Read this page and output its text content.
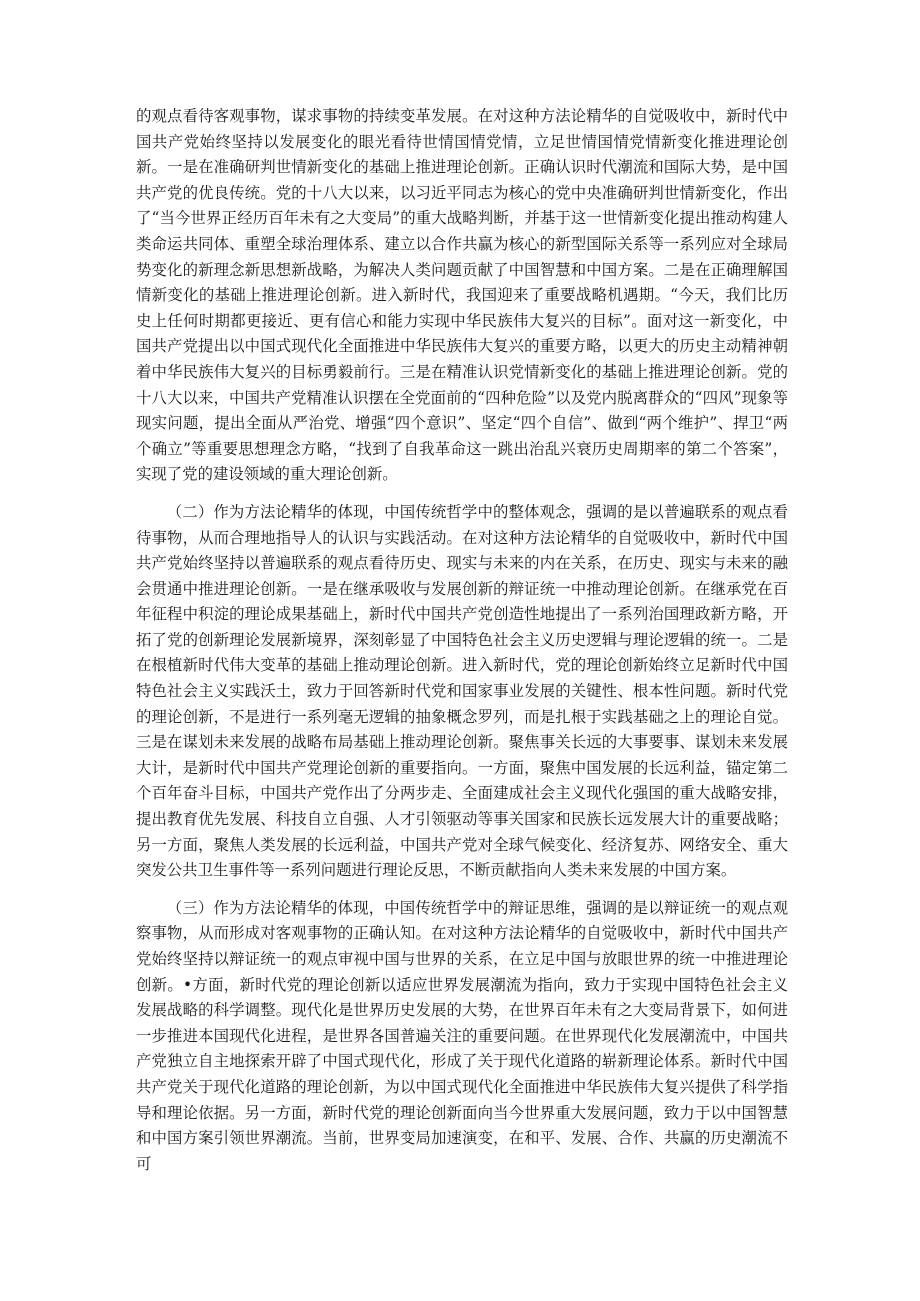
的观点看待客观事物，谋求事物的持续变革发展。在对这种方法论精华的自觉吸收中，新时代中国共产党始终坚持以发展变化的眼光看待世情国情党情，立足世情国情党情新变化推进理论创新。一是在准确研判世情新变化的基础上推进理论创新。正确认识时代潮流和国际大势，是中国共产党的优良传统。党的十八大以来，以习近平同志为核心的党中央准确研判世情新变化，作出了“当今世界正经历百年未有之大变局”的重大战略判断，并基于这一世情新变化提出推动构建人类命运共同体、重塑全球治理体系、建立以合作共赢为核心的新型国际关系等一系列应对全球局势变化的新理念新思想新战略，为解决人类问题贡献了中国智慧和中国方案。二是在正确理解国情新变化的基础上推进理论创新。进入新时代，我国迎来了重要战略机遇期。“今天，我们比历史上任何时期都更接近、更有信心和能力实现中华民族伟大复兴的目标”。面对这一新变化，中国共产党提出以中国式现代化全面推进中华民族伟大复兴的重要方略，以更大的历史主动精神朝着中华民族伟大复兴的目标勇毅前行。三是在精准认识党情新变化的基础上推进理论创新。党的十八大以来，中国共产党精准认识摆在全党面前的“四种危险”以及党内脱离群众的“四风”现象等现实问题，提出全面从严治党、增强“四个意识”、坚定“四个自信”、做到“两个维护”、捍卫“两个确立”等重要思想理念方略，“找到了自我革命这一跳出治乱兴衰历史周期率的第二个答案”，实现了党的建设领域的重大理论创新。

（二）作为方法论精华的体现，中国传统哲学中的整体观念，强调的是以普遍联系的观点看待事物，从而合理地指导人的认识与实践活动。在对这种方法论精华的自觉吸收中，新时代中国共产党始终坚持以普遍联系的观点看待历史、现实与未来的内在关系，在历史、现实与未来的融会贯通中推进理论创新。一是在继承吸收与发展创新的辩证统一中推动理论创新。在继承党在百年征程中积淀的理论成果基础上，新时代中国共产党创造性地提出了一系列治国理政新方略，开拓了党的创新理论发展新境界，深刻彰显了中国特色社会主义历史逻辑与理论逻辑的统一。二是在根植新时代伟大变革的基础上推动理论创新。进入新时代，党的理论创新始终立足新时代中国特色社会主义实践沃土，致力于回答新时代党和国家事业发展的关键性、根本性问题。新时代党的理论创新，不是进行一系列毫无逻辑的抽象概念罗列，而是扎根于实践基础之上的理论自觉。三是在谋划未来发展的战略布局基础上推动理论创新。聚焦事关长远的大事要事、谋划未来发展大计，是新时代中国共产党理论创新的重要指向。一方面，聚焦中国发展的长远利益，锚定第二个百年奋斗目标，中国共产党作出了分两步走、全面建成社会主义现代化强国的重大战略安排，提出教育优先发展、科技自立自强、人才引领驱动等事关国家和民族长远发展大计的重要战略；另一方面，聚焦人类发展的长远利益，中国共产党对全球气候变化、经济复苏、网络安全、重大突发公共卫生事件等一系列问题进行理论反思，不断贡献指向人类未来发展的中国方案。

（三）作为方法论精华的体现，中国传统哲学中的辩证思维，强调的是以辩证统一的观点观察事物，从而形成对客观事物的正确认知。在对这种方法论精华的自觉吸收中，新时代中国共产党始终坚持以辩证统一的观点审视中国与世界的关系，在立足中国与放眼世界的统一中推进理论创新。•方面，新时代党的理论创新以适应世界发展潮流为指向，致力于实现中国特色社会主义发展战略的科学调整。现代化是世界历史发展的大势，在世界百年未有之大变局背景下，如何进一步推进本国现代化进程，是世界各国普遍关注的重要问题。在世界现代化发展潮流中，中国共产党独立自主地探索开辟了中国式现代化，形成了关于现代化道路的崭新理论体系。新时代中国共产党关于现代化道路的理论创新，为以中国式现代化全面推进中华民族伟大复兴提供了科学指导和理论依据。另一方面，新时代党的理论创新面向当今世界重大发展问题，致力于以中国智慧和中国方案引领世界潮流。当前，世界变局加速演变，在和平、发展、合作、共赢的历史潮流不可
